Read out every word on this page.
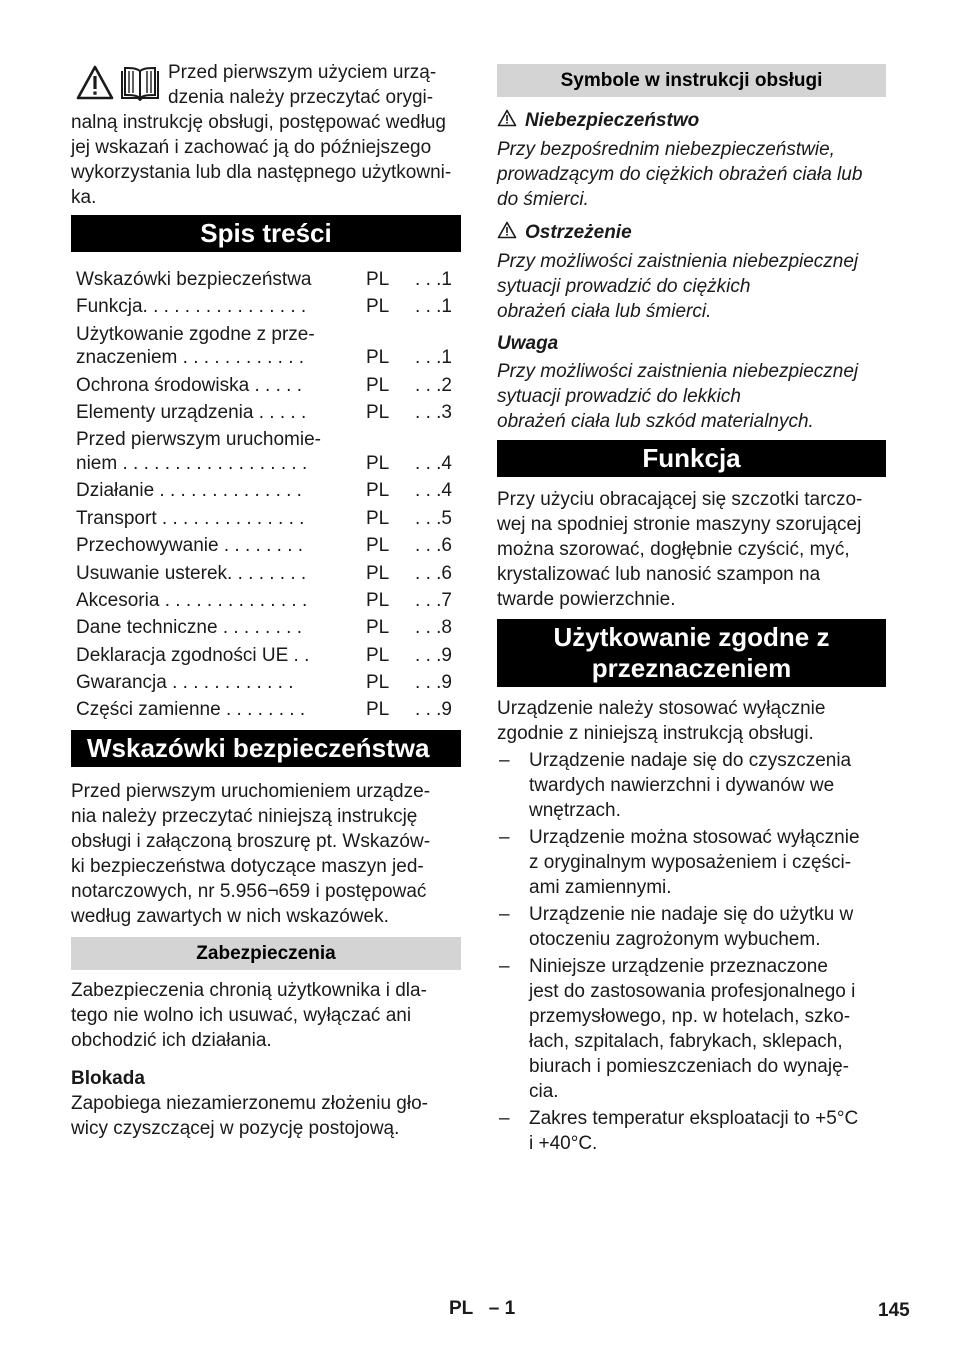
Przed pierwszym użyciem urzą-

dzenia należy przeczytać orygi-

nalną instrukcję obsługi, postępować według

jej wskazań i zachować ją do późniejszego

wykorzystania lub dla następnego użytkowni-

ka.

Spis treści
Wskazówki bezpieczeństwa	PL	. . .1
Funkcja. . . . . . . . . . . . . . . .	PL	. . .1
Użytkowanie zgodne z prze-
znaczeniem . . . . . . . . . . . .	PL	. . .1
Ochrona środowiska . . . . .	PL	. . .2
Elementy urządzenia . . . . .	PL	. . .3
Przed pierwszym uruchomie-
niem . . . . . . . . . . . . . . . . . .	PL	. . .4
Działanie . . . . . . . . . . . . . .	PL	. . .4
Transport . . . . . . . . . . . . . .	PL	. . .5
Przechowywanie . . . . . . . .	PL	. . .6
Usuwanie usterek. . . . . . . .	PL	. . .6
Akcesoria . . . . . . . . . . . . . .	PL	. . .7
Dane techniczne . . . . . . . .	PL	. . .8
Deklaracja zgodności UE . .	PL	. . .9
Gwarancja . . . . . . . . . . . .	PL	. . .9
Części zamienne . . . . . . . .	PL	. . .9
Wskazówki bezpieczeństwa

Przed pierwszym uruchomieniem urządze-

nia należy przeczytać niniejszą instrukcję

obsługi i załączoną broszurę pt. Wskazów-

ki bezpieczeństwa dotyczące maszyn jed-

notarczowych, nr 5.956¬659 i postępować

według zawartych w nich wskazówek.

Zabezpieczenia

Zabezpieczenia chronią użytkownika i dla-

tego nie wolno ich usuwać, wyłączać ani

obchodzić ich działania.

Blokada

Zapobiega niezamierzonemu złożeniu gło-

wicy czyszczącej w pozycję postojową.

Symbole w instrukcji obsługi
Niebezpieczeństwo

Przy bezpośrednim niebezpieczeństwie,

prowadzącym do ciężkich obrażeń ciała lub

do śmierci.

Ostrzeżenie

Przy możliwości zaistnienia niebezpiecznej

sytuacji prowadzić do ciężkich

obrażeń ciała lub śmierci.

Uwaga

Przy możliwości zaistnienia niebezpiecznej

sytuacji prowadzić do lekkich

obrażeń ciała lub szkód materialnych.

Funkcja

Przy użyciu obracającej się szczotki tarczo-

wej na spodniej stronie maszyny szorującej

można szorować, dogłębnie czyścić, myć,

krystalizować lub nanosić szampon na

twarde powierzchnie.

Użytkowanie zgodne z
przeznaczeniem

Urządzenie należy stosować wyłącznie

zgodnie z niniejszą instrukcją obsługi.

– Urządzenie nadaje się do czyszczenia
twardych nawierzchni i dywanów we
wnętrzach.
– Urządzenie można stosować wyłącznie
z oryginalnym wyposażeniem i części-
ami zamiennymi.
– Urządzenie nie nadaje się do użytku w
otoczeniu zagrożonym wybuchem.
– Niniejsze urządzenie przeznaczone
jest do zastosowania profesjonalnego i
przemysłowego, np. w hotelach, szko-
łach, szpitalach, fabrykach, sklepach,
biurach i pomieszczeniach do wynaję-
cia.
– Zakres temperatur eksploatacji to +5°C
i +40°C.
PL   – 1	145
